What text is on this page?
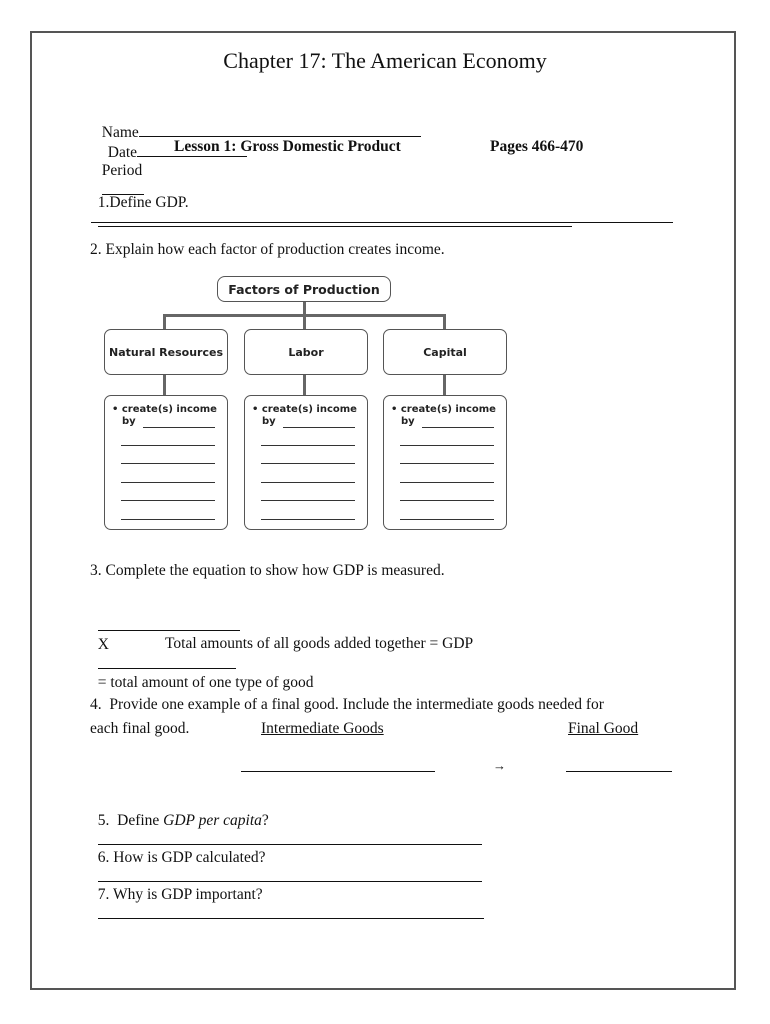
Chapter 17: The American Economy

Name
Date
Period

Lesson 1: Gross Domestic Product	Pages 466-470

1.Define GDP.

2. Explain how each factor of production creates income.
Factors of Production
Natural Resources	Labor	Capital
• create(s) income
by
• create(s) income
by
• create(s) income
by
3. Complete the equation to show how GDP is measured.

X

= total amount of one type of good

Total amounts of all goods added together = GDP
4.  Provide one example of a final good. Include the intermediate goods needed for
each final good.	Intermediate Goods	Final Good
→

5.  Define GDP per capita?

6. How is GDP calculated?

7. Why is GDP important?
